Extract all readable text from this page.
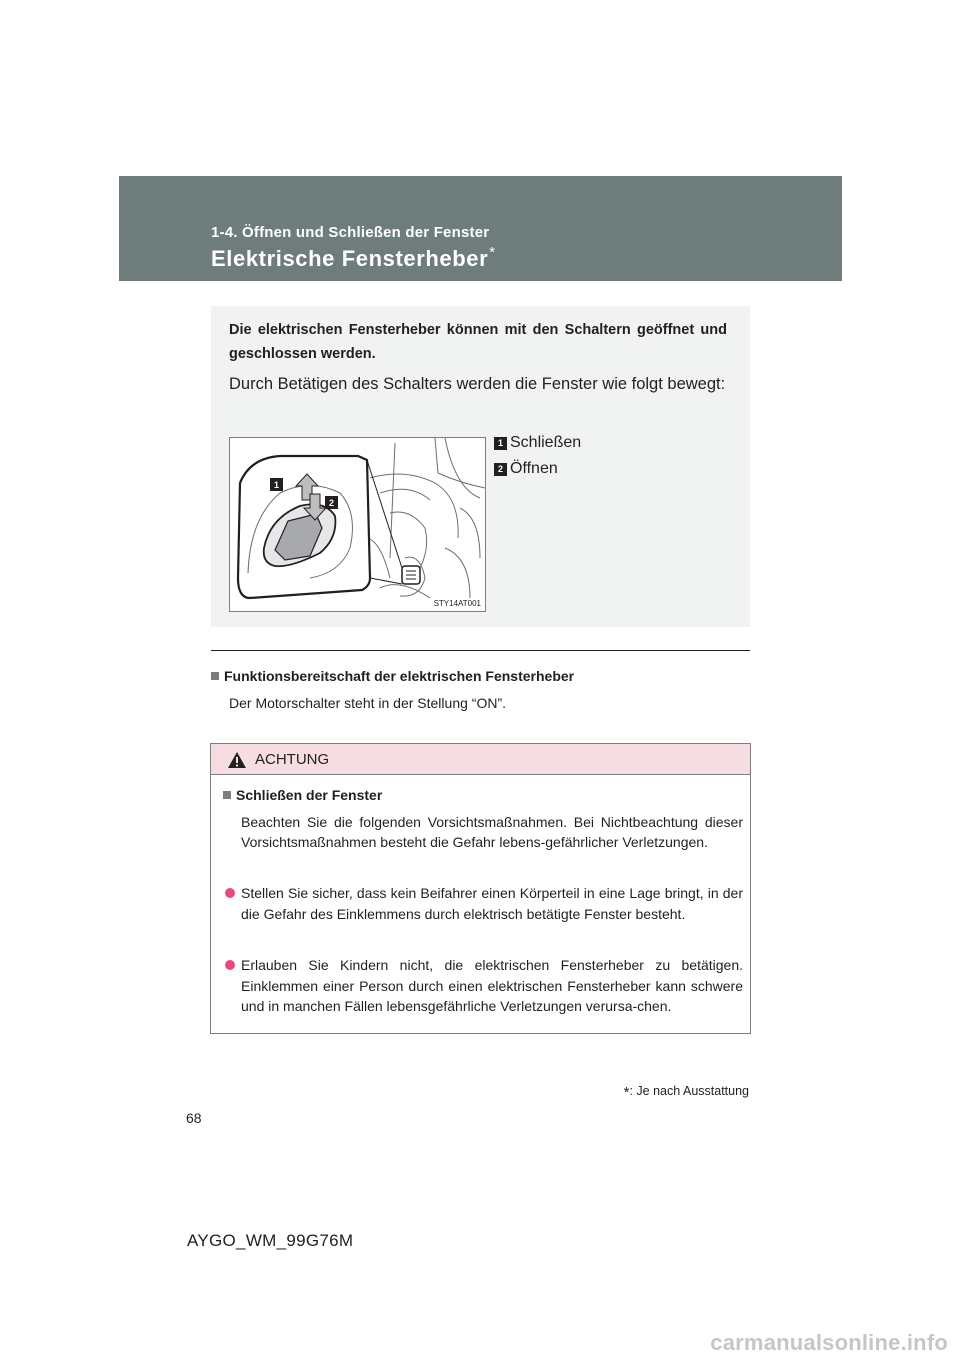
1-4. Öffnen und Schließen der Fenster

Elektrische Fensterheber*

Die elektrischen Fensterheber können mit den Schaltern geöffnet und geschlossen werden.

Durch Betätigen des Schalters werden die Fenster wie folgt bewegt:

1
2
STY14AT001
1 Schließen
2 Öffnen

Funktionsbereitschaft der elektrischen Fensterheber

Der Motorschalter steht in der Stellung “ON”.

ACHTUNG

Schließen der Fenster

Beachten Sie die folgenden Vorsichtsmaßnahmen. Bei Nichtbeachtung dieser Vorsichtsmaßnahmen besteht die Gefahr lebens-gefährlicher Verletzungen.

Stellen Sie sicher, dass kein Beifahrer einen Körperteil in eine Lage bringt, in der die Gefahr des Einklemmens durch elektrisch betätigte Fenster besteht.

Erlauben Sie Kindern nicht, die elektrischen Fensterheber zu betätigen. Einklemmen einer Person durch einen elektrischen Fensterheber kann schwere und in manchen Fällen lebensgefährliche Verletzungen verursa-chen.

*: Je nach Ausstattung

68

AYGO_WM_99G76M

carmanualsonline.info
